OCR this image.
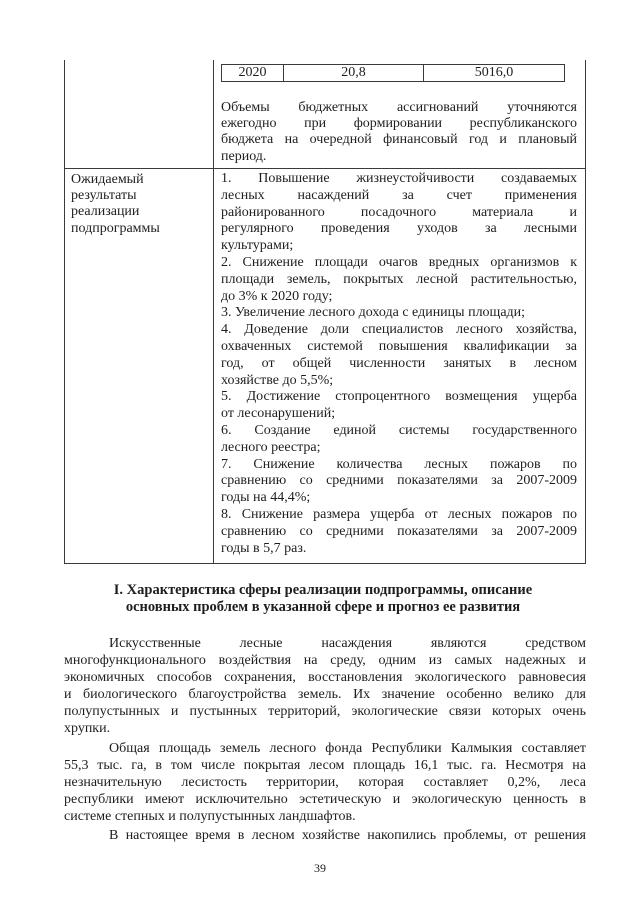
2020	20,8	5016,0
Объемы бюджетных ассигнований уточняются
ежегодно при формировании республиканского
бюджета на очередной финансовый год и плановый
период.
Ожидаемый
результаты
реализации
подпрограммы
1. Повышение жизнеустойчивости создаваемых
лесных насаждений за счет применения
районированного посадочного материала и
регулярного проведения уходов за лесными
культурами;
2. Снижение площади очагов вредных организмов к
площади земель, покрытых лесной растительностью,
до 3% к 2020 году;
3. Увеличение лесного дохода с единицы площади;
4. Доведение доли специалистов лесного хозяйства,
охваченных системой повышения квалификации за
год, от общей численности занятых в лесном
хозяйстве до 5,5%;
5. Достижение стопроцентного возмещения ущерба
от лесонарушений;
6. Создание единой системы государственного
лесного реестра;
7. Снижение количества лесных пожаров по
сравнению со средними показателями за 2007-2009
годы на 44,4%;
8. Снижение размера ущерба от лесных пожаров по
сравнению со средними показателями за 2007-2009
годы в 5,7 раз.
I. Характеристика сферы реализации подпрограммы, описание
основных проблем в указанной сфере и прогноз ее развития
Искусственные лесные насаждения являются средством
многофункционального воздействия на среду, одним из самых надежных и
экономичных способов сохранения, восстановления экологического равновесия
и биологического благоустройства земель. Их значение особенно велико для
полупустынных и пустынных территорий, экологические связи которых очень
хрупки.
Общая площадь земель лесного фонда Республики Калмыкия составляет
55,3 тыс. га, в том числе покрытая лесом площадь 16,1 тыс. га. Несмотря на
незначительную лесистость территории, которая составляет 0,2%, леса
республики имеют исключительно эстетическую и экологическую ценность в
системе степных и полупустынных ландшафтов.
В настоящее время в лесном хозяйстве накопились проблемы, от решения
39
